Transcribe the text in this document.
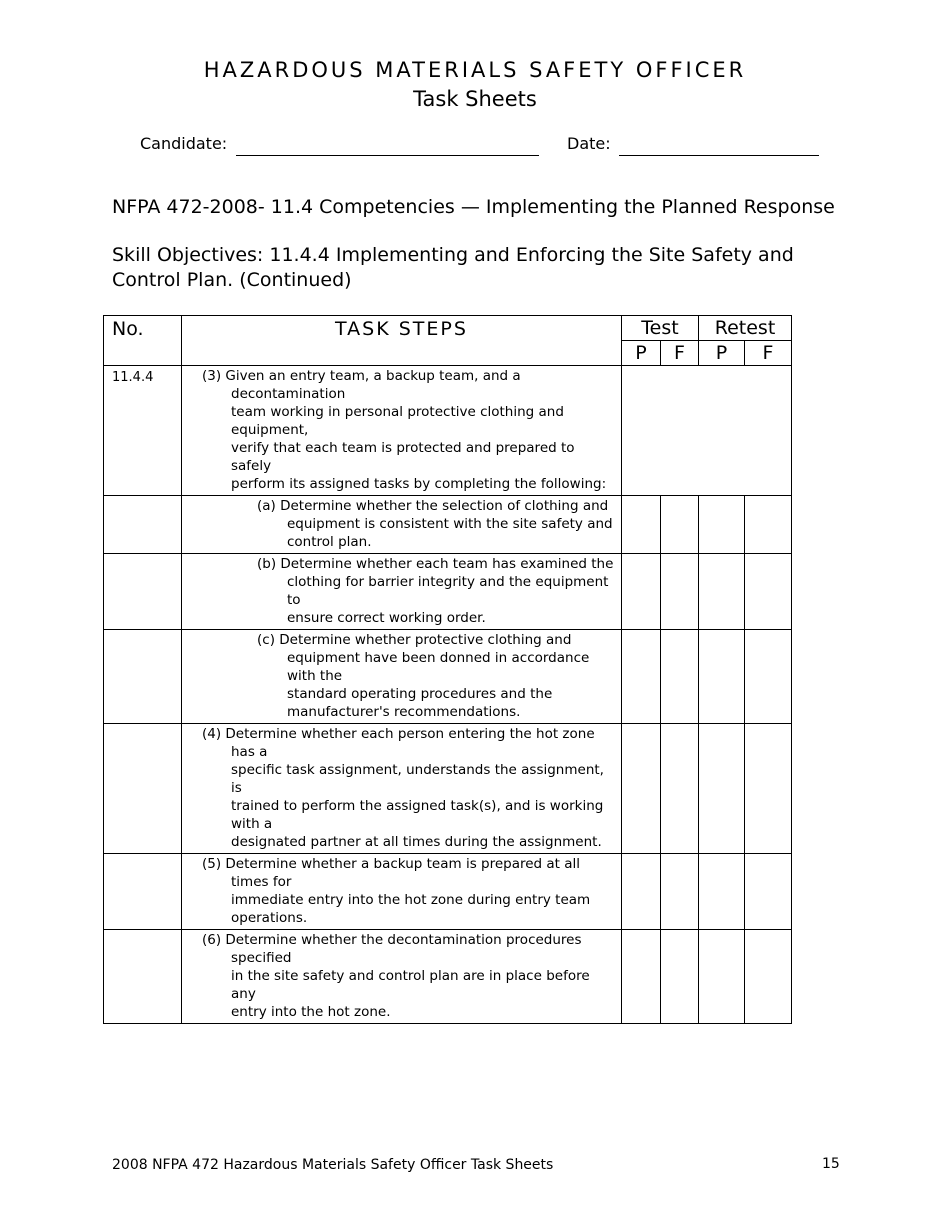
HAZARDOUS MATERIALS SAFETY OFFICER
Task Sheets
Candidate:	Date:
NFPA 472-2008- 11.4 Competencies — Implementing the Planned Response
Skill Objectives: 11.4.4 Implementing and Enforcing the Site Safety and Control Plan. (Continued)
No.	TASK STEPS	Test		Retest	
		P	F	P	F
11.4.4	(3) Given an entry team, a backup team, and a decontamination
team working in personal protective clothing and equipment,
verify that each team is protected and prepared to safely
perform its assigned tasks by completing the following:				

	(a) Determine whether the selection of clothing and
equipment is consistent with the site safety and
control plan.				

	(b) Determine whether each team has examined the
clothing for barrier integrity and the equipment to
ensure correct working order.				

	(c) Determine whether protective clothing and
equipment have been donned in accordance with the
standard operating procedures and the
manufacturer's recommendations.				

	(4) Determine whether each person entering the hot zone has a
specific task assignment, understands the assignment, is
trained to perform the assigned task(s), and is working with a
designated partner at all times during the assignment.				

	(5) Determine whether a backup team is prepared at all times for
immediate entry into the hot zone during entry team
operations.				

	(6) Determine whether the decontamination procedures specified
in the site safety and control plan are in place before any
entry into the hot zone.				

2008 NFPA 472 Hazardous Materials Safety Officer Task Sheets	15
